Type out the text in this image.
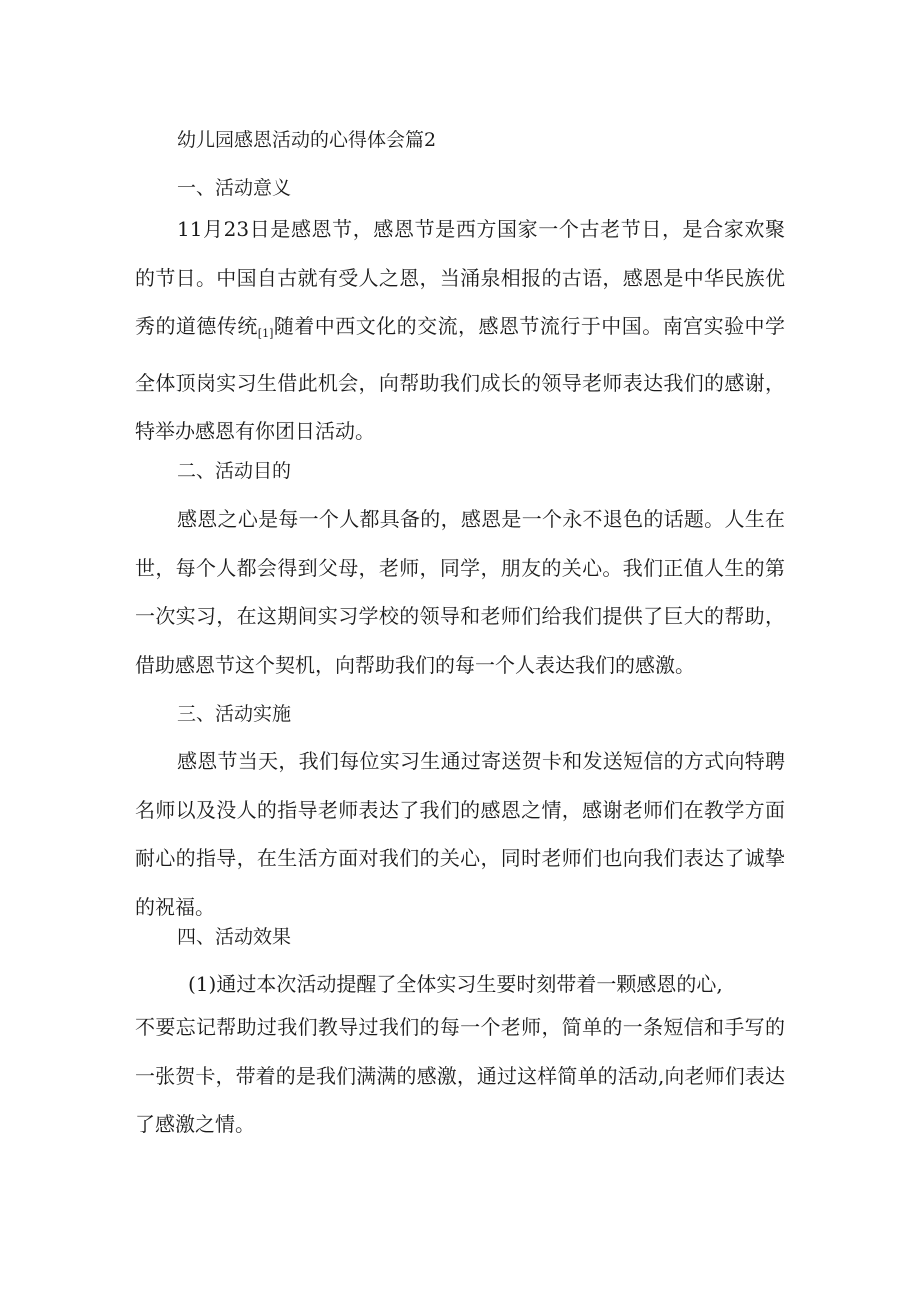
幼儿园感恩活动的心得体会篇2

一、活动意义

11月23日是感恩节，感恩节是西方国家一个古老节日，是合家欢聚的节日。中国自古就有受人之恩，当涌泉相报的古语，感恩是中华民族优秀的道德传统$_{[1]}$随着中西文化的交流，感恩节流行于中国。南宫实验中学全体顶岗实习生借此机会，向帮助我们成长的领导老师表达我们的感谢，特举办感恩有你团日活动。

二、活动目的

感恩之心是每一个人都具备的，感恩是一个永不退色的话题。人生在世，每个人都会得到父母，老师，同学，朋友的关心。我们正值人生的第一次实习，在这期间实习学校的领导和老师们给我们提供了巨大的帮助，借助感恩节这个契机，向帮助我们的每一个人表达我们的感激。

三、活动实施

感恩节当天，我们每位实习生通过寄送贺卡和发送短信的方式向特聘名师以及没人的指导老师表达了我们的感恩之情，感谢老师们在教学方面耐心的指导，在生活方面对我们的关心，同时老师们也向我们表达了诚挚的祝福。

四、活动效果

(1)通过本次活动提醒了全体实习生要时刻带着一颗感恩的心,

不要忘记帮助过我们教导过我们的每一个老师，简单的一条短信和手写的一张贺卡，带着的是我们满满的感激，通过这样简单的活动,向老师们表达了感激之情。
